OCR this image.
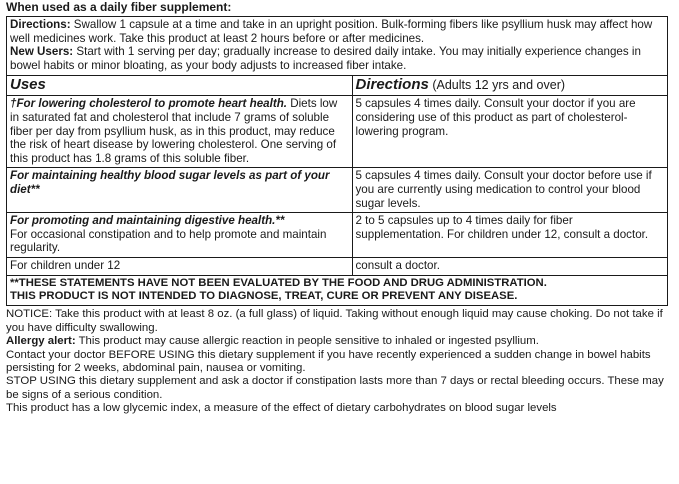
When used as a daily fiber supplement:

Directions: Swallow 1 capsule at a time and take in an upright position. Bulk-forming fibers like psyllium husk may affect how well medicines work. Take this product at least 2 hours before or after medicines.

New Users: Start with 1 serving per day; gradually increase to desired daily intake. You may initially experience changes in bowel habits or minor bloating, as your body adjusts to increased fiber intake.

Uses	Directions (Adults 12 yrs and over)
†For lowering cholesterol to promote heart health. Diets low in saturated fat and cholesterol that include 7 grams of soluble fiber per day from psyllium husk, as in this product, may reduce the risk of heart disease by lowering cholesterol. One serving of this product has 1.8 grams of this soluble fiber.	5 capsules 4 times daily. Consult your doctor if you are considering use of this product as part of cholesterol-lowering program.
For maintaining healthy blood sugar levels as part of your diet**	5 capsules 4 times daily. Consult your doctor before use if you are currently using medication to control your blood sugar levels.

For promoting and maintaining digestive health.**
For occasional constipation and to help promote and maintain regularity.	2 to 5 capsules up to 4 times daily for fiber supplementation. For children under 12, consult a doctor.
For children under 12	consult a doctor.

**THESE STATEMENTS HAVE NOT BEEN EVALUATED BY THE FOOD AND DRUG ADMINISTRATION.

THIS PRODUCT IS NOT INTENDED TO DIAGNOSE, TREAT, CURE OR PREVENT ANY DISEASE.

NOTICE: Take this product with at least 8 oz. (a full glass) of liquid. Taking without enough liquid may cause choking. Do not take if you have difficulty swallowing.

Allergy alert: This product may cause allergic reaction in people sensitive to inhaled or ingested psyllium.

Contact your doctor BEFORE USING this dietary supplement if you have recently experienced a sudden change in bowel habits persisting for 2 weeks, abdominal pain, nausea or vomiting.

STOP USING this dietary supplement and ask a doctor if constipation lasts more than 7 days or rectal bleeding occurs. These may be signs of a serious condition.

This product has a low glycemic index, a measure of the effect of dietary carbohydrates on blood sugar levels
